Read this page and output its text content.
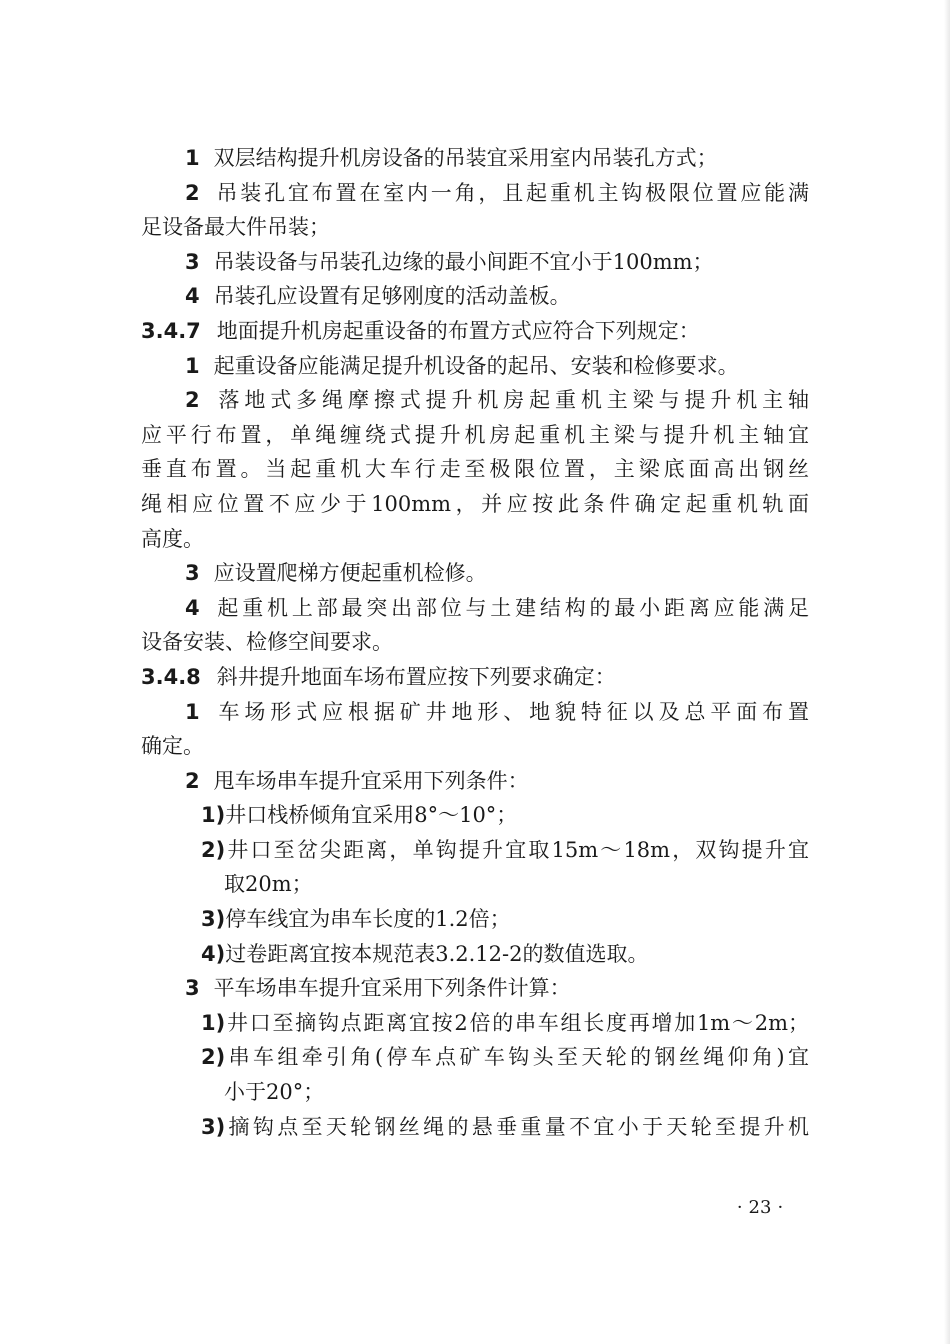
1 双层结构提升机房设备的吊装宜采用室内吊装孔方式；
2 吊装孔宜布置在室内一角，且起重机主钩极限位置应能满
足设备最大件吊装；
3 吊装设备与吊装孔边缘的最小间距不宜小于100mm；
4 吊装孔应设置有足够刚度的活动盖板。
3.4.7 地面提升机房起重设备的布置方式应符合下列规定：
1 起重设备应能满足提升机设备的起吊、安装和检修要求。
2 落地式多绳摩擦式提升机房起重机主梁与提升机主轴
应平行布置，单绳缠绕式提升机房起重机主梁与提升机主轴宜
垂直布置。当起重机大车行走至极限位置，主梁底面高出钢丝
绳相应位置不应少于100mm，并应按此条件确定起重机轨面
高度。
3 应设置爬梯方便起重机检修。
4 起重机上部最突出部位与土建结构的最小距离应能满足
设备安装、检修空间要求。
3.4.8 斜井提升地面车场布置应按下列要求确定：
1 车场形式应根据矿井地形、地貌特征以及总平面布置
确定。
2 甩车场串车提升宜采用下列条件：
1)井口栈桥倾角宜采用8°～10°；
2)井口至岔尖距离，单钩提升宜取15m～18m，双钩提升宜
取20m；
3)停车线宜为串车长度的1.2倍；
4)过卷距离宜按本规范表3.2.12-2的数值选取。
3 平车场串车提升宜采用下列条件计算：
1)井口至摘钩点距离宜按2倍的串车组长度再增加1m～2m；
2)串车组牵引角(停车点矿车钩头至天轮的钢丝绳仰角)宜
小于20°；
3)摘钩点至天轮钢丝绳的悬垂重量不宜小于天轮至提升机
· 23 ·
